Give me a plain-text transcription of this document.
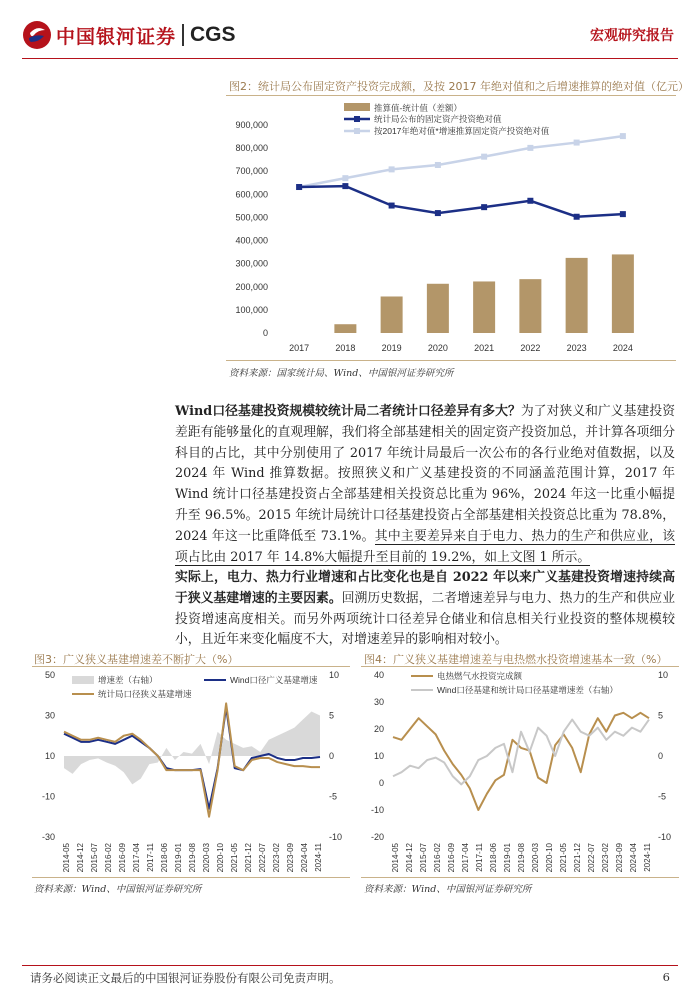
中国银河证券 CGS	宏观研究报告
图2：统计局公布固定资产投资完成额，及按 2017 年绝对值和之后增速推算的绝对值（亿元）
0
100,000
200,000
300,000
400,000
500,000
600,000
700,000
800,000
900,000
2017	2018	2019	2020	2021	2022	2023	2024
推算值-统计值（差额）
统计局公布的固定资产投资绝对值
按2017年绝对值*增速推算固定资产投资绝对值
资料来源：国家统计局、Wind、中国银河证券研究所
Wind口径基建投资规模较统计局二者统计口径差异有多大？为了对狭义和广义基建投资差距有能够量化的直观理解，我们将全部基建相关的固定资产投资加总，并计算各项细分科目的占比，其中分别使用了 2017 年统计局最后一次公布的各行业绝对值数据，以及 2024 年 Wind 推算数据。按照狭义和广义基建投资的不同涵盖范围计算，2017 年 Wind 统计口径基建投资占全部基建相关投资总比重为 96%，2024 年这一比重小幅提升至 96.5%。2015 年统计局统计口径基建投资占全部基建相关投资总比重为 78.8%，2024 年这一比重降低至 73.1%。其中主要差异来自于电力、热力的生产和供应业，该项占比由 2017 年 14.8%大幅提升至目前的 19.2%，如上文图 1 所示。
实际上，电力、热力行业增速和占比变化也是自 2022 年以来广义基建投资增速持续高于狭义基建增速的主要因素。回溯历史数据，二者增速差异与电力、热力的生产和供应业投资增速高度相关。而另外两项统计口径差异仓储业和信息相关行业投资的整体规模较小，且近年来变化幅度不大，对增速差异的影响相对较小。
图3：广义狭义基建增速差不断扩大（%）
50
30
10
-10
-30
10
5
0
-5
-10
2014-05 2014-12 2015-07 2016-02 2016-09 2017-04 2017-11 2018-06 2019-01 2019-08 2020-03 2020-10 2021-05 2021-12 2022-07 2023-02 2023-09 2024-04 2024-11
增速差（右轴）
统计局口径狭义基建增速
Wind口径广义基建增速
资料来源：Wind、中国银河证券研究所
图4：广义狭义基建增速差与电热燃水投资增速基本一致（%）
40
30
20
10
0
-10
-20
10
5
0
-5
-10
2014-05 2014-12 2015-07 2016-02 2016-09 2017-04 2017-11 2018-06 2019-01 2019-08 2020-03 2020-10 2021-05 2021-12 2022-07 2023-02 2023-09 2024-04 2024-11
电热燃气水投资完成额
Wind口径基建和统计局口径基建增速差（右轴）
资料来源：Wind、中国银河证券研究所
请务必阅读正文最后的中国银河证券股份有限公司免责声明。	6
